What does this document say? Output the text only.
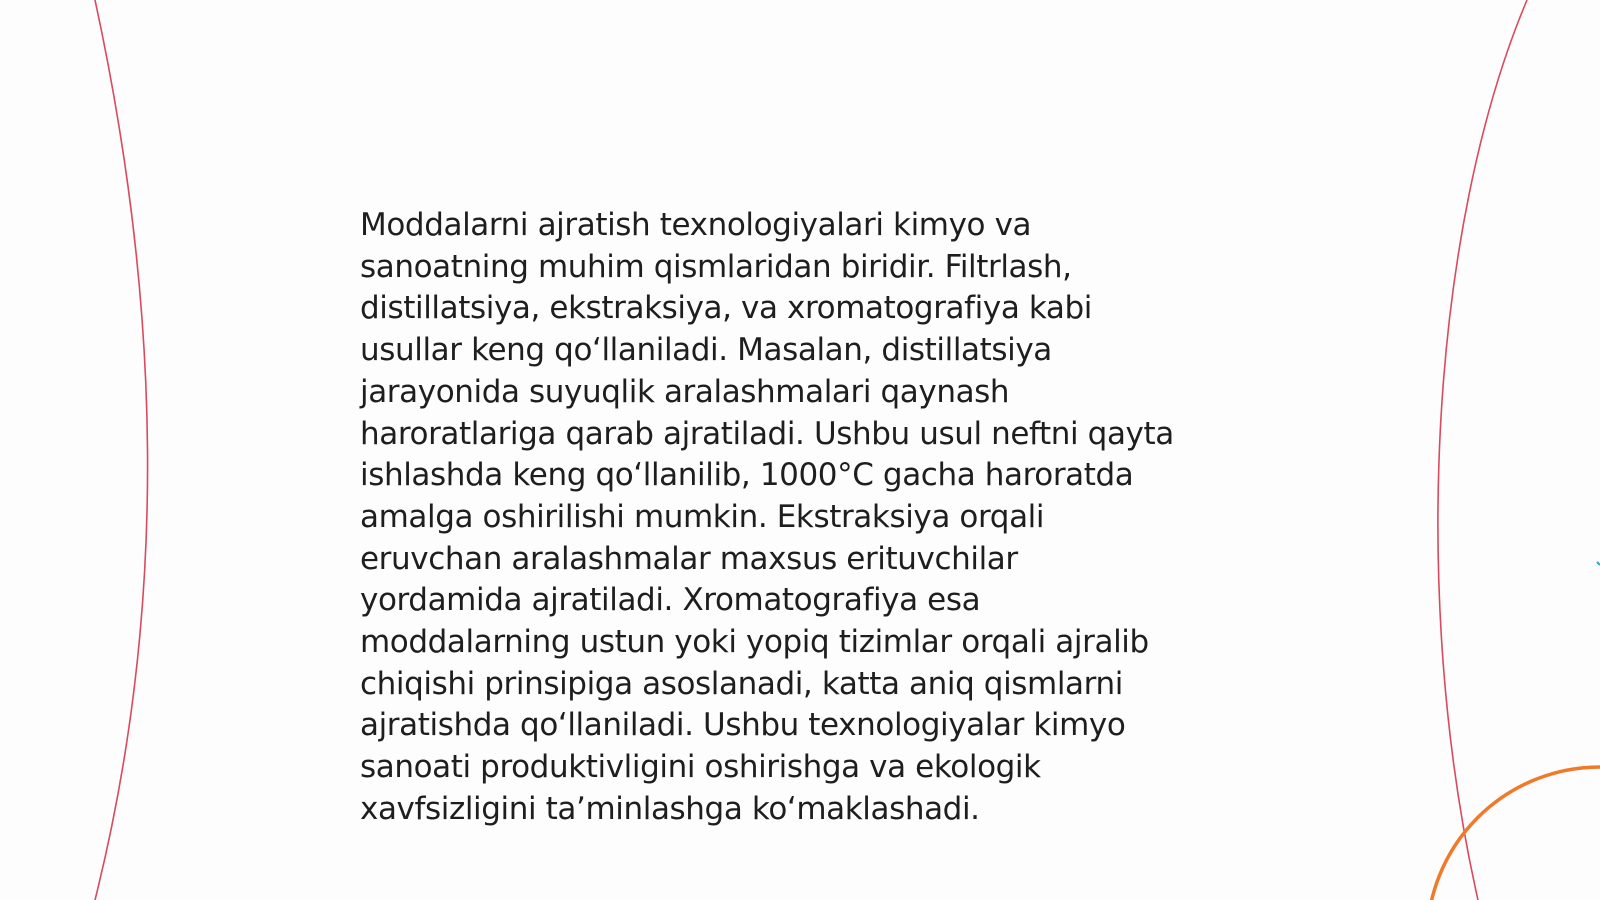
Moddalarni ajratish texnologiyalari kimyo va
sanoatning muhim qismlaridan biridir. Filtrlash,
distillatsiya, ekstraksiya, va xromatografiya kabi
usullar keng qo‘llaniladi. Masalan, distillatsiya
jarayonida suyuqlik aralashmalari qaynash
haroratlariga qarab ajratiladi. Ushbu usul neftni qayta
ishlashda keng qo‘llanilib, 1000°C gacha haroratda
amalga oshirilishi mumkin. Ekstraksiya orqali
eruvchan aralashmalar maxsus erituvchilar
yordamida ajratiladi. Xromatografiya esa
moddalarning ustun yoki yopiq tizimlar orqali ajralib
chiqishi prinsipiga asoslanadi, katta aniq qismlarni
ajratishda qo‘llaniladi. Ushbu texnologiyalar kimyo
sanoati produktivligini oshirishga va ekologik
xavfsizligini ta’minlashga ko‘maklashadi.
